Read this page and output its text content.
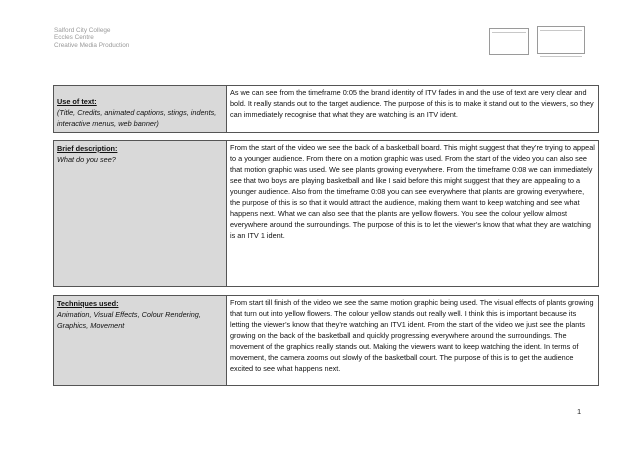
Salford City College
Eccles Centre
Creative Media Production
Use of text:
(Title, Credits, animated captions, stings, indents, interactive menus, web banner)
As we can see from the timeframe 0:05 the brand identity of ITV fades in and the use of text are very clear and bold. It really stands out to the target audience. The purpose of this is to make it stand out to the viewers, so they can immediately recognise that what they are watching is an ITV ident.
Brief description:
What do you see?
From the start of the video we see the back of a basketball board. This might suggest that they’re trying to appeal to a younger audience. From there on a motion graphic was used. From the start of the video you can also see that motion graphic was used. We see plants growing everywhere. From the timeframe 0:08 we can immediately see that two boys are playing basketball and like I said before this might suggest that they are appealing to a younger audience. Also from the timeframe 0:08 you can see everywhere that plants are growing everywhere, the purpose of this is so that it would attract the audience, making them want to keep watching and see what happens next. What we can also see that the plants are yellow flowers. You see the colour yellow almost everywhere around the surroundings. The purpose of this is to let the viewer’s know that what they are watching is an ITV 1 ident.
Techniques used:
Animation, Visual Effects, Colour Rendering, Graphics, Movement
From start till finish of the video we see the same motion graphic being used. The visual effects of plants growing that turn out into yellow flowers. The colour yellow stands out really well. I think this is important because its letting the viewer’s know that they’re watching an ITV1 ident. From the start of the video we just see the plants growing on the back of the basketball and quickly progressing everywhere around the surroundings. The movement of the graphics really stands out. Making the viewers want to keep watching the ident. In terms of movement, the camera zooms out slowly of the basketball court. The purpose of this is to get the audience excited to see what happens next.
1
